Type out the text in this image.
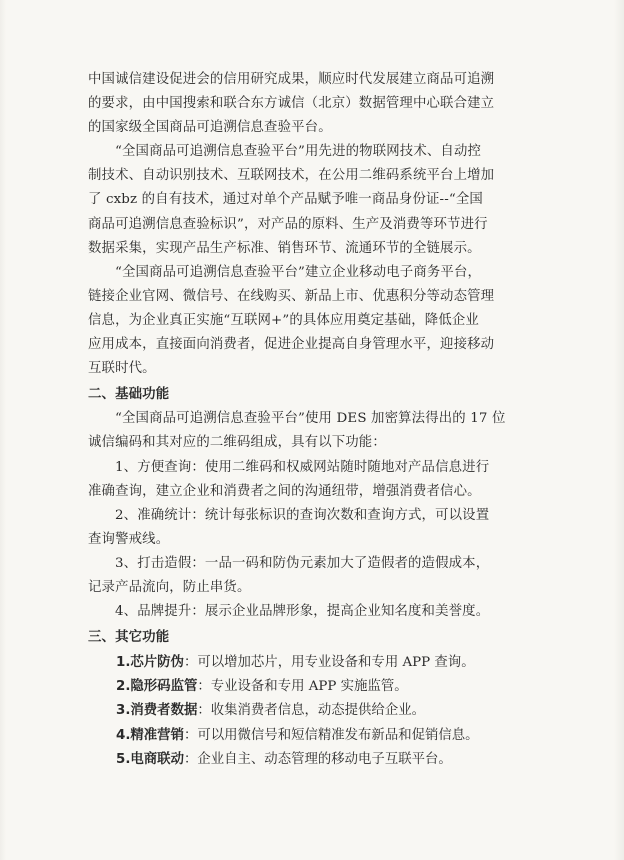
中国诚信建设促进会的信用研究成果，顺应时代发展建立商品可追溯
的要求，由中国搜索和联合东方诚信（北京）数据管理中心联合建立
的国家级全国商品可追溯信息查验平台。
“全国商品可追溯信息查验平台”用先进的物联网技术、自动控
制技术、自动识别技术、互联网技术，在公用二维码系统平台上增加
了 cxbz 的自有技术，通过对单个产品赋予唯一商品身份证--“全国
商品可追溯信息查验标识”，对产品的原料、生产及消费等环节进行
数据采集，实现产品生产标准、销售环节、流通环节的全链展示。
“全国商品可追溯信息查验平台”建立企业移动电子商务平台，
链接企业官网、微信号、在线购买、新品上市、优惠积分等动态管理
信息，为企业真正实施“互联网+”的具体应用奠定基础，降低企业
应用成本，直接面向消费者，促进企业提高自身管理水平，迎接移动
互联时代。
二、基础功能
“全国商品可追溯信息查验平台”使用 DES 加密算法得出的 17 位
诚信编码和其对应的二维码组成，具有以下功能：
1、方便查询：使用二维码和权威网站随时随地对产品信息进行
准确查询，建立企业和消费者之间的沟通纽带，增强消费者信心。
2、准确统计：统计每张标识的查询次数和查询方式，可以设置
查询警戒线。
3、打击造假：一品一码和防伪元素加大了造假者的造假成本，
记录产品流向，防止串货。
4、品牌提升：展示企业品牌形象，提高企业知名度和美誉度。
三、其它功能
1.芯片防伪：可以增加芯片，用专业设备和专用 APP 查询。
2.隐形码监管：专业设备和专用 APP 实施监管。
3.消费者数据：收集消费者信息，动态提供给企业。
4.精准营销：可以用微信号和短信精准发布新品和促销信息。
5.电商联动：企业自主、动态管理的移动电子互联平台。
